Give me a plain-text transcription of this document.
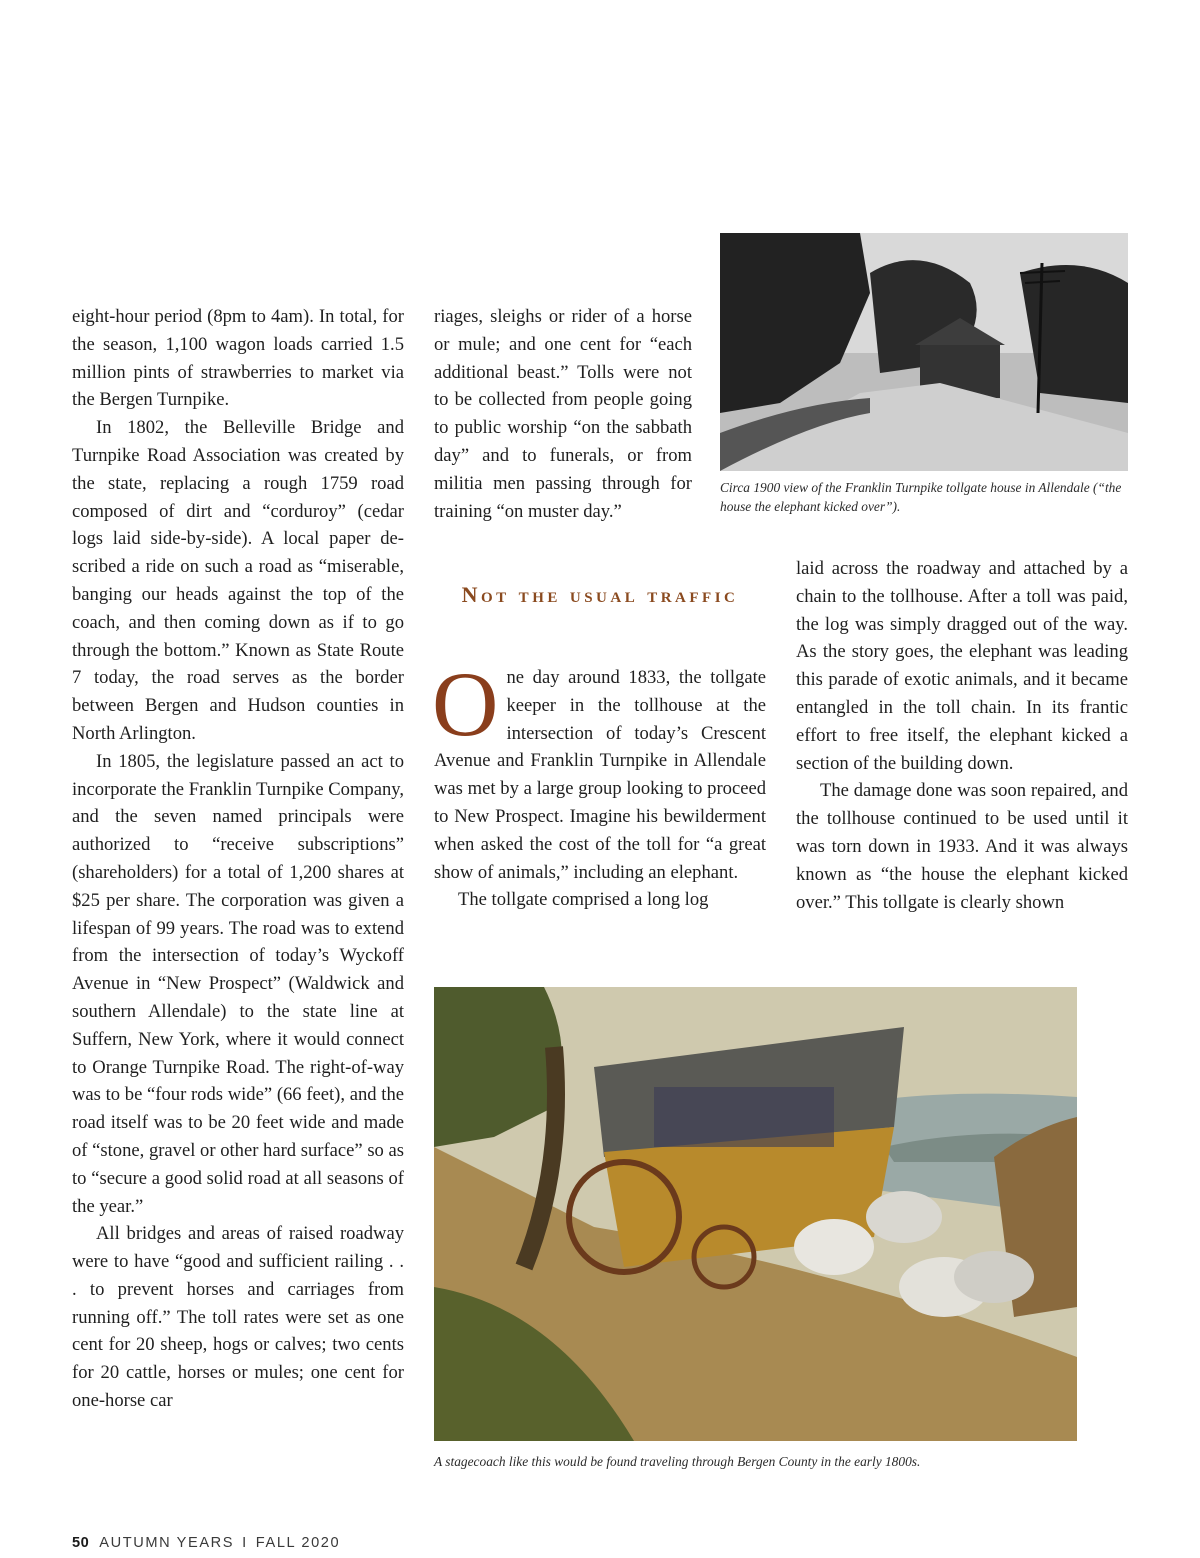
Circa 1900 view of the Franklin Turnpike tollgate house in Allendale (“the house the elephant kicked over”).

eight-hour period (8pm to 4am). In total, for the season, 1,100 wagon loads carried 1.5 million pints of strawberries to market via the Bergen Turnpike.

In 1802, the Belleville Bridge and Turnpike Road Association was created by the state, replacing a rough 1759 road composed of dirt and “corduroy” (cedar logs laid side-by-side). A local paper described a ride on such a road as “miserable, banging our heads against the top of the coach, and then coming down as if to go through the bottom.” Known as State Route 7 today, the road serves as the border between Bergen and Hudson counties in North Arlington.

In 1805, the legislature passed an act to incorporate the Franklin Turnpike Company, and the seven named principals were authorized to “receive subscriptions” (shareholders) for a total of 1,200 shares at $25 per share. The corporation was given a lifespan of 99 years. The road was to extend from the intersection of today’s Wyckoff Avenue in “New Prospect” (Waldwick and southern Allendale) to the state line at Suffern, New York, where it would connect to Orange Turnpike Road. The right-of-way was to be “four rods wide” (66 feet), and the road itself was to be 20 feet wide and made of “stone, gravel or other hard surface” so as to “secure a good solid road at all seasons of the year.”

All bridges and areas of raised roadway were to have “good and sufficient railing . . . to prevent horses and carriages from running off.” The toll rates were set as one cent for 20 sheep, hogs or calves; two cents for 20 cattle, horses or mules; one cent for one-horse car

riages, sleighs or rider of a horse or mule; and one cent for “each additional beast.” Tolls were not to be collected from people going to public worship “on the sabbath day” and to funerals, or from militia men passing through for training “on muster day.”

Not the usual traffic

One day around 1833, the tollgate keeper in the tollhouse at the intersection of today’s Crescent Avenue and Franklin Turnpike in Allendale was met by a large group looking to proceed to New Prospect. Imagine his bewilderment when asked the cost of the toll for “a great show of animals,” including an elephant.

The tollgate comprised a long log

laid across the roadway and attached by a chain to the tollhouse. After a toll was paid, the log was simply dragged out of the way. As the story goes, the elephant was leading this parade of exotic animals, and it became entangled in the toll chain. In its frantic effort to free itself, the elephant kicked a section of the building down.

The damage done was soon repaired, and the tollhouse continued to be used until it was torn down in 1933. And it was always known as “the house the elephant kicked over.” This tollgate is clearly shown

A stagecoach like this would be found traveling through Bergen County in the early 1800s.
50 AUTUMN YEARS I FALL 2020
